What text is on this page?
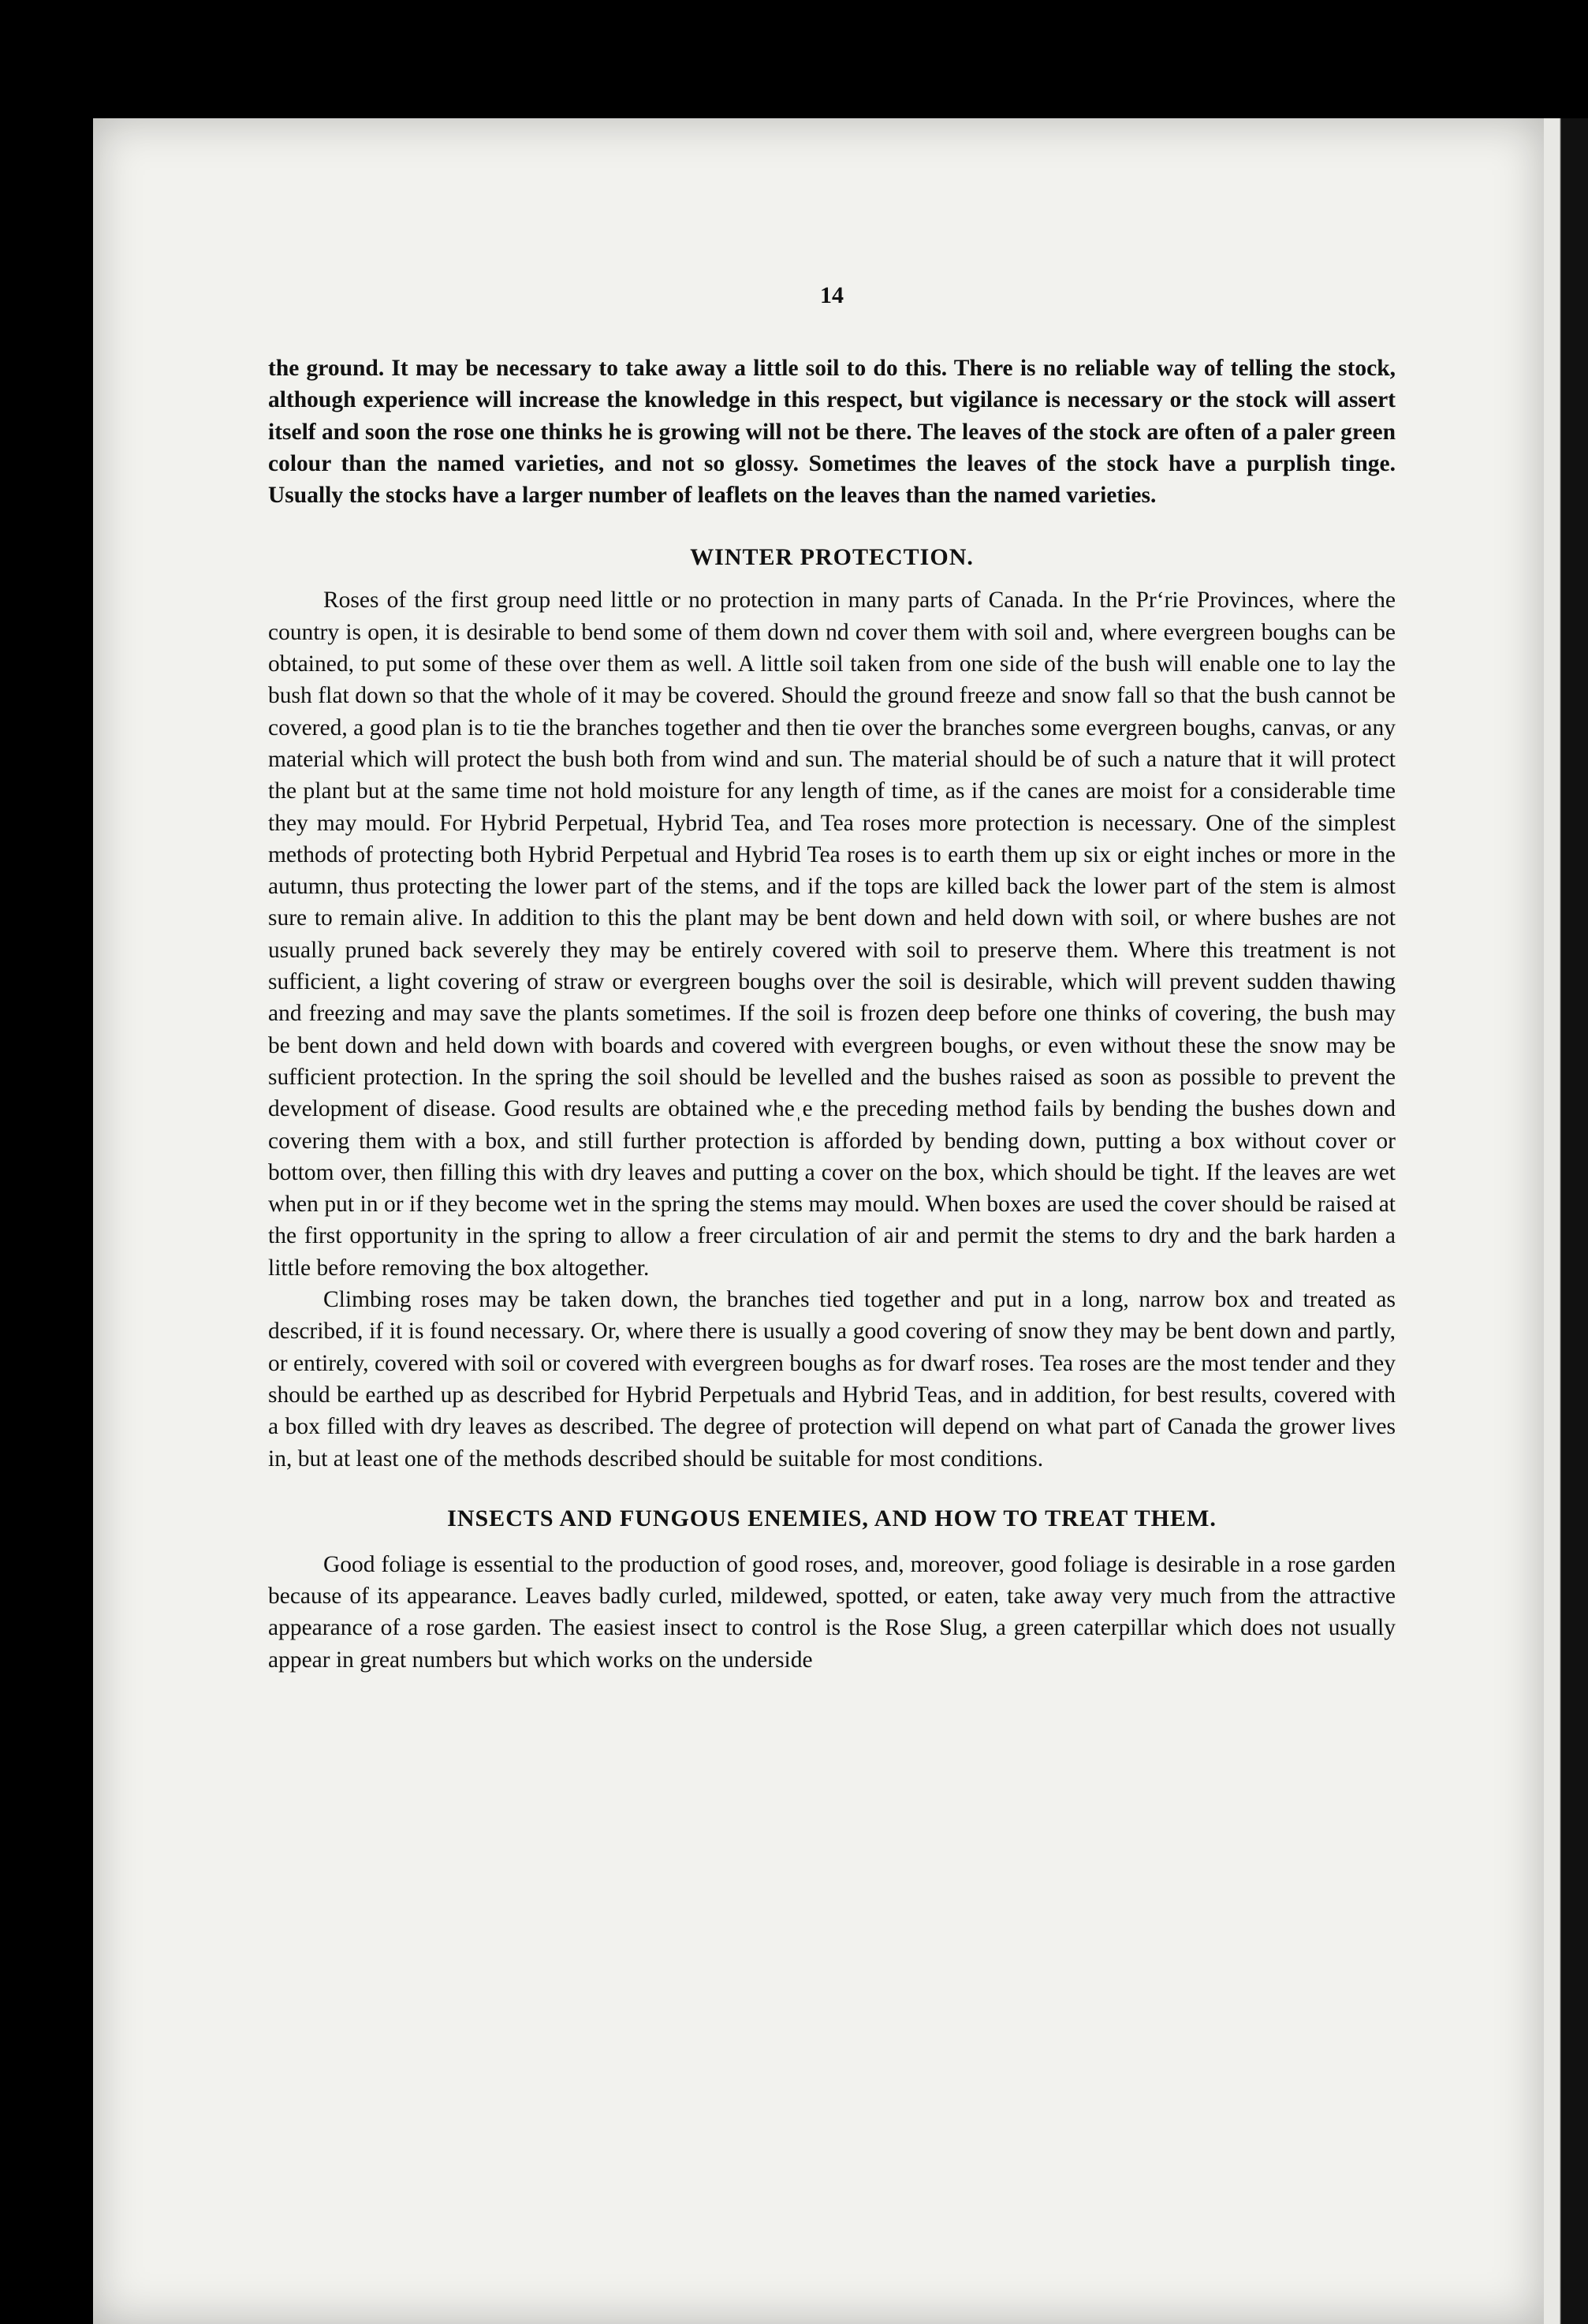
14

the ground. It may be necessary to take away a little soil to do this. There is no reliable way of telling the stock, although experience will increase the knowledge in this respect, but vigilance is necessary or the stock will assert itself and soon the rose one thinks he is growing will not be there. The leaves of the stock are often of a paler green colour than the named varieties, and not so glossy. Sometimes the leaves of the stock have a purplish tinge. Usually the stocks have a larger number of leaflets on the leaves than the named varieties.

WINTER PROTECTION.

Roses of the first group need little or no protection in many parts of Canada. In the Prʻrie Provinces, where the country is open, it is desirable to bend some of them down nd cover them with soil and, where evergreen boughs can be obtained, to put some of these over them as well. A little soil taken from one side of the bush will enable one to lay the bush flat down so that the whole of it may be covered. Should the ground freeze and snow fall so that the bush cannot be covered, a good plan is to tie the branches together and then tie over the branches some evergreen boughs, canvas, or any material which will protect the bush both from wind and sun. The material should be of such a nature that it will protect the plant but at the same time not hold moisture for any length of time, as if the canes are moist for a considerable time they may mould. For Hybrid Perpetual, Hybrid Tea, and Tea roses more protection is necessary. One of the simplest methods of protecting both Hybrid Perpetual and Hybrid Tea roses is to earth them up six or eight inches or more in the autumn, thus protecting the lower part of the stems, and if the tops are killed back the lower part of the stem is almost sure to remain alive. In addition to this the plant may be bent down and held down with soil, or where bushes are not usually pruned back severely they may be entirely covered with soil to preserve them. Where this treatment is not sufficient, a light covering of straw or evergreen boughs over the soil is desirable, which will prevent sudden thawing and freezing and may save the plants sometimes. If the soil is frozen deep before one thinks of covering, the bush may be bent down and held down with boards and covered with evergreen boughs, or even without these the snow may be sufficient protection. In the spring the soil should be levelled and the bushes raised as soon as possible to prevent the development of disease. Good results are obtained wheˌe the preceding method fails by bending the bushes down and covering them with a box, and still further protection is afforded by bending down, putting a box without cover or bottom over, then filling this with dry leaves and putting a cover on the box, which should be tight. If the leaves are wet when put in or if they become wet in the spring the stems may mould. When boxes are used the cover should be raised at the first opportunity in the spring to allow a freer circulation of air and permit the stems to dry and the bark harden a little before removing the box altogether.

Climbing roses may be taken down, the branches tied together and put in a long, narrow box and treated as described, if it is found necessary. Or, where there is usually a good covering of snow they may be bent down and partly, or entirely, covered with soil or covered with evergreen boughs as for dwarf roses. Tea roses are the most tender and they should be earthed up as described for Hybrid Perpetuals and Hybrid Teas, and in addition, for best results, covered with a box filled with dry leaves as described. The degree of protection will depend on what part of Canada the grower lives in, but at least one of the methods described should be suitable for most conditions.

INSECTS AND FUNGOUS ENEMIES, AND HOW TO TREAT THEM.

Good foliage is essential to the production of good roses, and, moreover, good foliage is desirable in a rose garden because of its appearance. Leaves badly curled, mildewed, spotted, or eaten, take away very much from the attractive appearance of a rose garden. The easiest insect to control is the Rose Slug, a green caterpillar which does not usually appear in great numbers but which works on the underside
